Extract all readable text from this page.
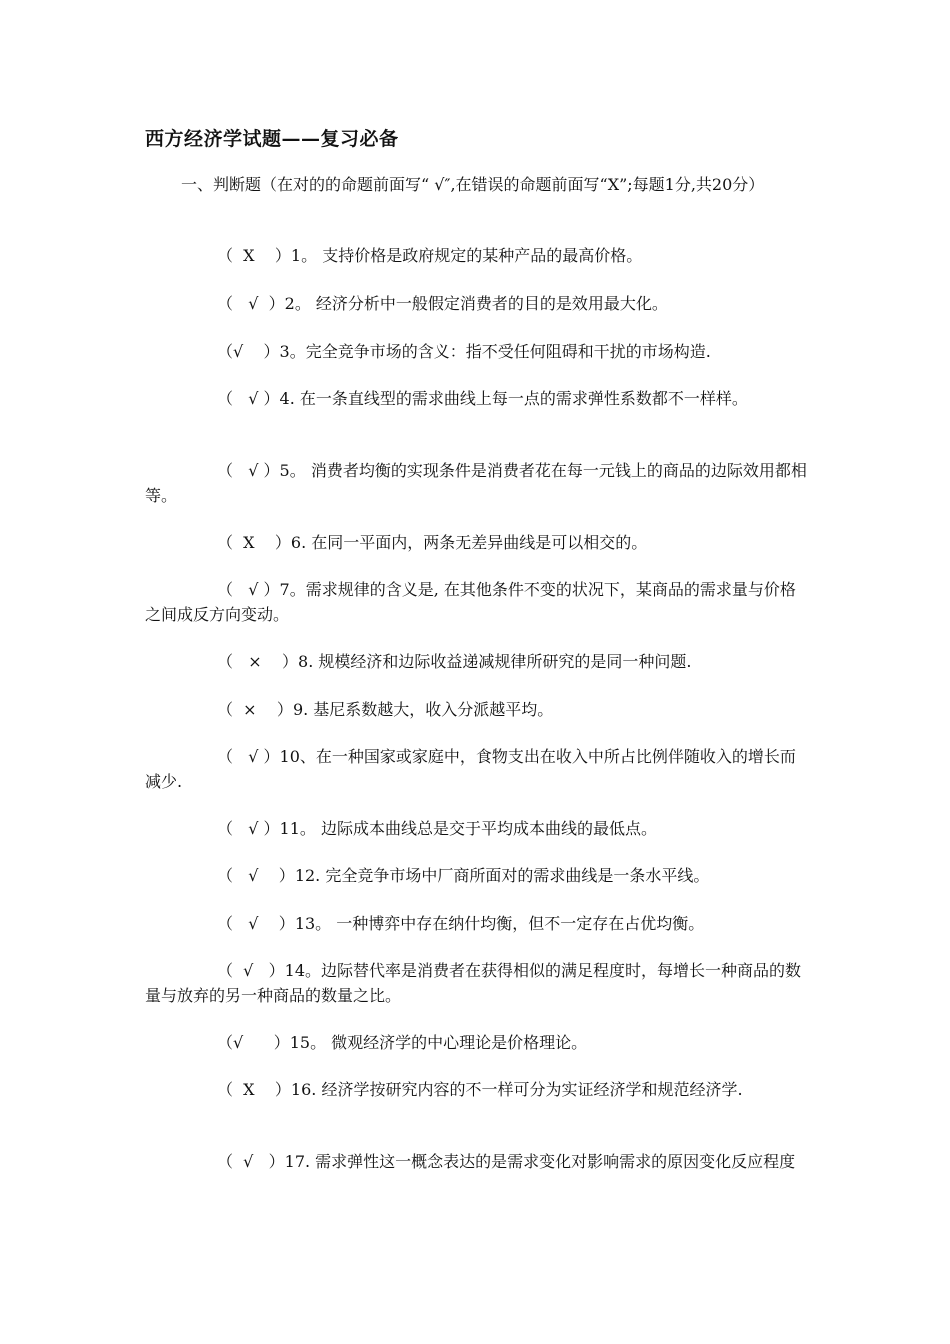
西方经济学试题——复习必备
一、判断题（在对的的命题前面写“ √″,在错误的命题前面写“X”;每题1分,共20分）
（  X    ）1。 支持价格是政府规定的某种产品的最高价格。
（   √  ）2。 经济分析中一般假定消费者的目的是效用最大化。
（√    ）3。完全竞争市场的含义：指不受任何阻碍和干扰的市场构造.
（   √ ）4. 在一条直线型的需求曲线上每一点的需求弹性系数都不一样样。
（   √ ）5。 消费者均衡的实现条件是消费者花在每一元钱上的商品的边际效用都相等。
（  X    ）6. 在同一平面内，两条无差异曲线是可以相交的。
（   √ ）7。需求规律的含义是, 在其他条件不变的状况下，某商品的需求量与价格之间成反方向变动。
（   ×    ）8. 规模经济和边际收益递减规律所研究的是同一种问题.
（  ×    ）9. 基尼系数越大，收入分派越平均。
（   √ ）10、在一种国家或家庭中，食物支出在收入中所占比例伴随收入的增长而减少.
（   √ ）11。 边际成本曲线总是交于平均成本曲线的最低点。
（   √    ）12. 完全竞争市场中厂商所面对的需求曲线是一条水平线。
（   √    ）13。 一种博弈中存在纳什均衡，但不一定存在占优均衡。
（  √   ）14。边际替代率是消费者在获得相似的满足程度时，每增长一种商品的数量与放弃的另一种商品的数量之比。
（√      ）15。 微观经济学的中心理论是价格理论。
（  X    ）16. 经济学按研究内容的不一样可分为实证经济学和规范经济学.
（  √   ）17. 需求弹性这一概念表达的是需求变化对影响需求的原因变化反应程度
